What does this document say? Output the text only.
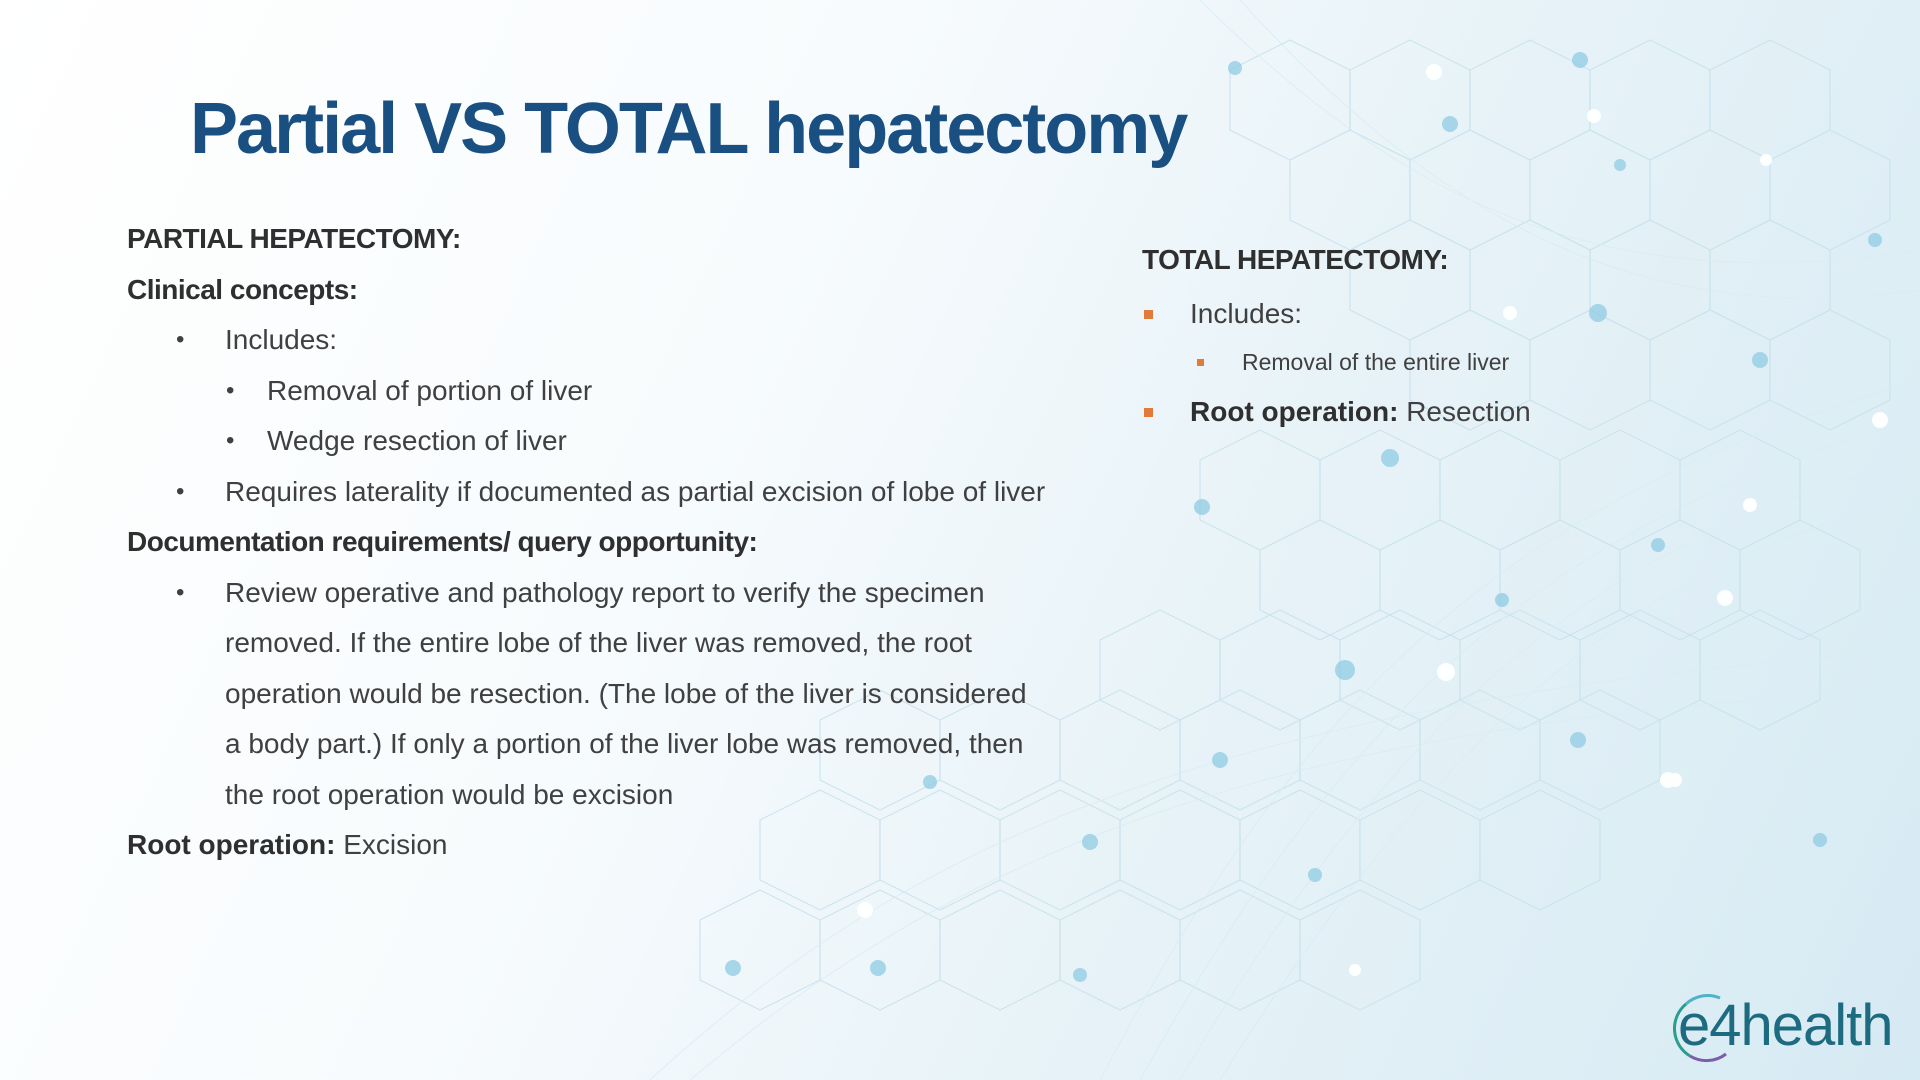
Partial VS TOTAL hepatectomy
PARTIAL HEPATECTOMY:
Clinical concepts:
• Includes:
• Removal of portion of liver
• Wedge resection of liver
• Requires laterality if documented as partial excision of lobe of liver
Documentation requirements/ query opportunity:
• Review operative and pathology report to verify the specimen
removed. If the entire lobe of the liver was removed, the root
operation would be resection. (The lobe of the liver is considered
a body part.) If only a portion of the liver lobe was removed, then
the root operation would be excision
Root operation: Excision
TOTAL HEPATECTOMY:
Includes:
Removal of the entire liver
Root operation: Resection
e4health
